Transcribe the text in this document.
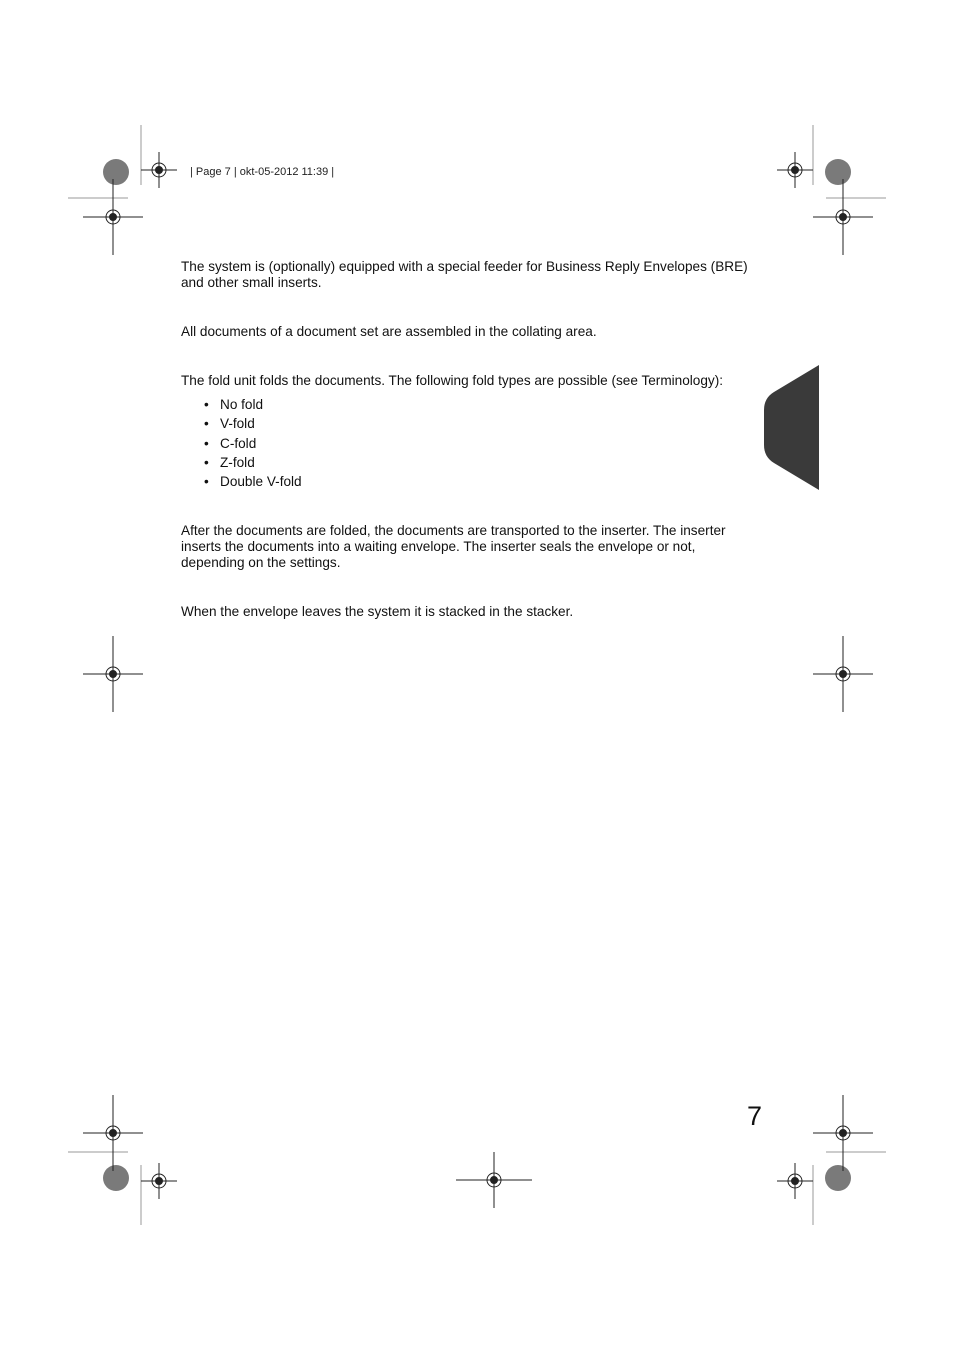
| Page 7 | okt-05-2012 11:39 |

The system is (optionally) equipped with a special feeder for Business Reply Envelopes (BRE) and other small inserts.

All documents of a document set are assembled in the collating area.

The fold unit folds the documents. The following fold types are possible (see Terminology):

• No fold
• V-fold
• C-fold
• Z-fold
• Double V-fold

After the documents are folded, the documents are transported to the inserter. The inserter inserts the documents into a waiting envelope. The inserter seals the envelope or not, depending on the settings.

When the envelope leaves the system it is stacked in the stacker.

7
